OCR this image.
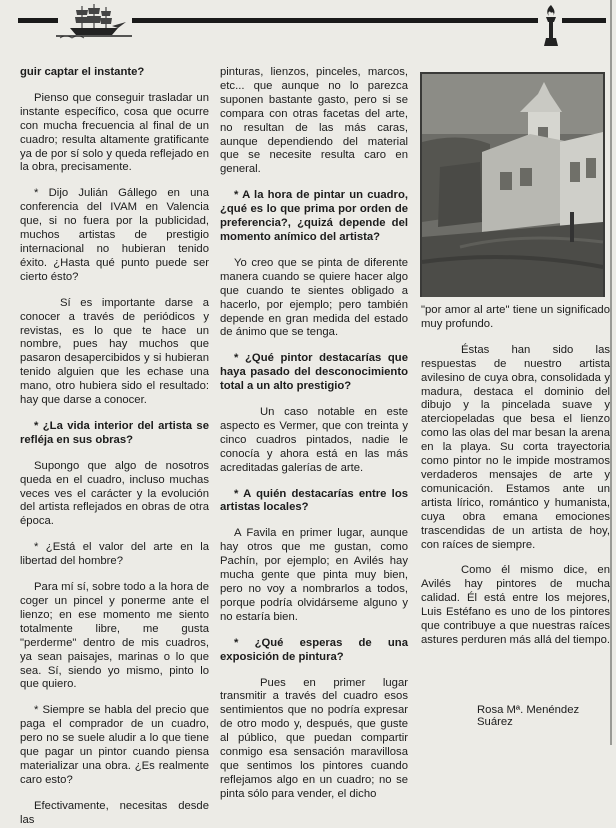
guir captar el instante?

Pienso que conseguir trasladar un instante específico, cosa que ocurre con mucha frecuencia al final de un cuadro; resulta altamente gratificante ya de por sí solo y queda reflejado en la obra, precisamente.

* Dijo Julián Gállego en una conferencia del IVAM en Valencia que, si no fuera por la publicidad, muchos artistas de prestigio internacional no hubieran tenido éxito. ¿Hasta qué punto puede ser cierto ésto?

Sí es importante darse a conocer a través de periódicos y revistas, es lo que te hace un nombre, pues hay muchos que pasaron desapercibidos y si hubieran tenido alguien que les echase una mano, otro hubiera sido el resultado: hay que darse a conocer.

* ¿La vida interior del artista se refléja en sus obras?

Supongo que algo de nosotros queda en el cuadro, incluso muchas veces ves el carácter y la evolución del artista reflejados en obras de otra época.

* ¿Está el valor del arte en la libertad del hombre?

Para mí sí, sobre todo a la hora de coger un pincel y ponerme ante el lienzo; en ese momento me siento totalmente libre, me gusta "perderme" dentro de mis cuadros, ya sean paisajes, marinas o lo que sea. Sí, siendo yo mismo, pinto lo que quiero.

* Siempre se habla del precio que paga el comprador de un cuadro, pero no se suele aludir a lo que tiene que pagar un pintor cuando piensa materializar una obra. ¿Es realmente caro esto?

Efectivamente, necesitas desde las

pinturas, lienzos, pinceles, marcos, etc... que aunque no lo parezca suponen bastante gasto, pero si se compara con otras facetas del arte, no resultan de las más caras, aunque dependiendo del material que se necesite resulta caro en general.

* A la hora de pintar un cuadro, ¿qué es lo que prima por orden de preferencia?, ¿quizá depende del momento anímico del artista?

Yo creo que se pinta de diferente manera cuando se quiere hacer algo que cuando te sientes obligado a hacerlo, por ejemplo; pero también depende en gran medida del estado de ánimo que se tenga.

* ¿Qué pintor destacarías que haya pasado del desconocimiento total a un alto prestigio?

Un caso notable en este aspecto es Vermer, que con treinta y cinco cuadros pintados, nadie le conocía y ahora está en las más acreditadas galerías de arte.

* A quién destacarías entre los artistas locales?

A Favila en primer lugar, aunque hay otros que me gustan, como Pachín, por ejemplo; en Avilés hay mucha gente que pinta muy bien, pero no voy a nombrarlos a todos, porque podría olvidárseme alguno y no estaría bien.

* ¿Qué esperas de una exposición de pintura?

Pues en primer lugar transmitir a través del cuadro esos sentimientos que no podría expresar de otro modo y, después, que guste al público, que puedan compartir conmigo esa sensación maravillosa que sentimos los pintores cuando reflejamos algo en un cuadro; no se pinta sólo para vender, el dicho

"por amor al arte" tiene un significado muy profundo.

Éstas han sido las respuestas de nuestro artista avilesino de cuya obra, consolidada y madura, destaca el dominio del dibujo y la pincelada suave y aterciopeladas que besa el lienzo como las olas del mar besan la arena en la playa. Su corta trayectoria como pintor no le impide mostramos verdaderos mensajes de arte y comunicación. Estamos ante un artista lírico, romántico y humanista, cuya obra emana emociones trascendidas de un artista de hoy, con raíces de siempre.

Como él mismo dice, en Avilés hay pintores de mucha calidad. Él está entre los mejores, Luis Estéfano es uno de los pintores que contribuye a que nuestras raíces astures perduren más allá del tiempo.

Rosa Mª. Menéndez Suárez
